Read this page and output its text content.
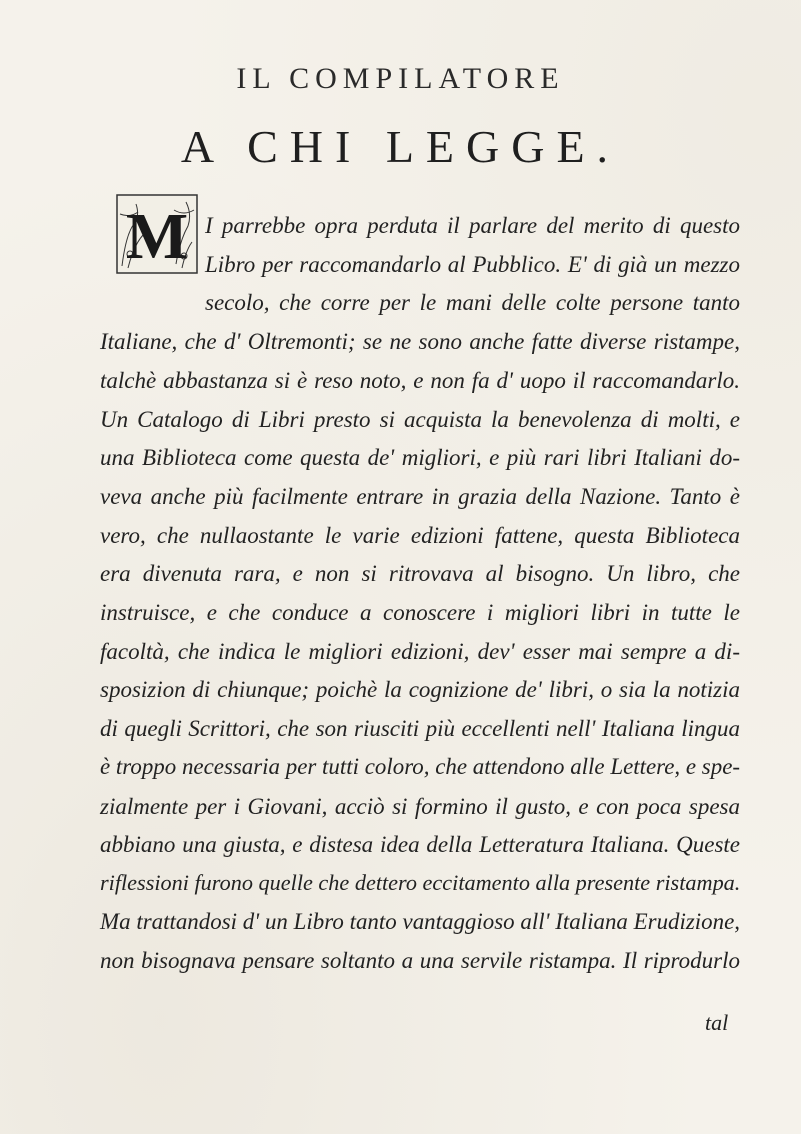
IL COMPILATORE
A CHI LEGGE.
M I parrebbe opra perduta il parlare del merito di questo
Libro per raccomandarlo al Pubblico. E' di già un mezzo
secolo, che corre per le mani delle colte persone tanto
Italiane, che d' Oltremonti; se ne sono anche fatte diverse ristampe,
talchè abbastanza si è reso noto, e non fa d' uopo il raccomandarlo.
Un Catalogo di Libri presto si acquista la benevolenza di molti, e
una Biblioteca come questa de' migliori, e più rari libri Italiani do-
veva anche più facilmente entrare in grazia della Nazione. Tanto è
vero, che nullaostante le varie edizioni fattene, questa Biblioteca
era divenuta rara, e non si ritrovava al bisogno. Un libro, che
instruisce, e che conduce a conoscere i migliori libri in tutte le
facoltà, che indica le migliori edizioni, dev' esser mai sempre a di-
sposizion di chiunque; poichè la cognizione de' libri, o sia la notizia
di quegli Scrittori, che son riusciti più eccellenti nell' Italiana lingua
è troppo necessaria per tutti coloro, che attendono alle Lettere, e spe-
zialmente per i Giovani, acciò si formino il gusto, e con poca spesa
abbiano una giusta, e distesa idea della Letteratura Italiana. Queste
riflessioni furono quelle che dettero eccitamento alla presente ristampa.
Ma trattandosi d' un Libro tanto vantaggioso all' Italiana Erudizione,
non bisognava pensare soltanto a una servile ristampa. Il riprodurlo
tal
